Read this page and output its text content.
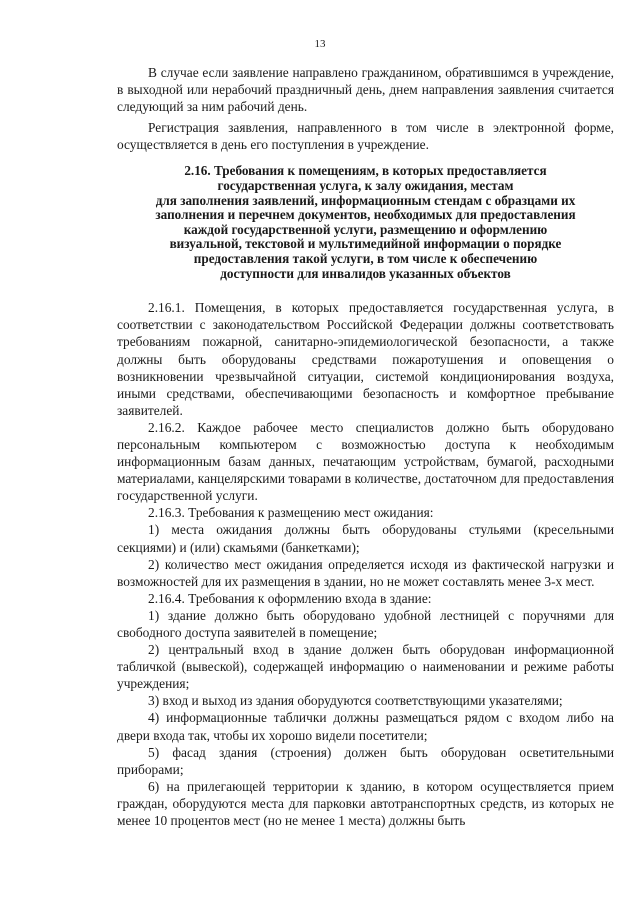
13

В случае если заявление направлено гражданином, обратившимся в учреждение, в выходной или нерабочий праздничный день, днем направления заявления считается следующий за ним рабочий день.

Регистрация заявления, направленного в том числе в электронной форме, осуществляется в день его поступления в учреждение.

2.16. Требования к помещениям, в которых предоставляется
государственная услуга, к залу ожидания, местам
для заполнения заявлений, информационным стендам с образцами их
заполнения и перечнем документов, необходимых для предоставления
каждой государственной услуги, размещению и оформлению
визуальной, текстовой и мультимедийной информации о порядке
предоставления такой услуги, в том числе к обеспечению
доступности для инвалидов указанных объектов

2.16.1. Помещения, в которых предоставляется государственная услуга, в соответствии с законодательством Российской Федерации должны соответствовать требованиям пожарной, санитарно-эпидемиологической безопасности, а также должны быть оборудованы средствами пожаротушения и оповещения о возникновении чрезвычайной ситуации, системой кондиционирования воздуха, иными средствами, обеспечивающими безопасность и комфортное пребывание заявителей.

2.16.2. Каждое рабочее место специалистов должно быть оборудовано персональным компьютером с возможностью доступа к необходимым информационным базам данных, печатающим устройствам, бумагой, расходными материалами, канцелярскими товарами в количестве, достаточном для предоставления государственной услуги.

2.16.3. Требования к размещению мест ожидания:

1) места ожидания должны быть оборудованы стульями (кресельными секциями) и (или) скамьями (банкетками);

2) количество мест ожидания определяется исходя из фактической нагрузки и возможностей для их размещения в здании, но не может составлять менее 3-х мест.

2.16.4. Требования к оформлению входа в здание:

1) здание должно быть оборудовано удобной лестницей с поручнями для свободного доступа заявителей в помещение;

2) центральный вход в здание должен быть оборудован информационной табличкой (вывеской), содержащей информацию о наименовании и режиме работы учреждения;

3) вход и выход из здания оборудуются соответствующими указателями;

4) информационные таблички должны размещаться рядом с входом либо на двери входа так, чтобы их хорошо видели посетители;

5) фасад здания (строения) должен быть оборудован осветительными приборами;

6) на прилегающей территории к зданию, в котором осуществляется прием граждан, оборудуются места для парковки автотранспортных средств, из которых не менее 10 процентов мест (но не менее 1 места) должны быть
